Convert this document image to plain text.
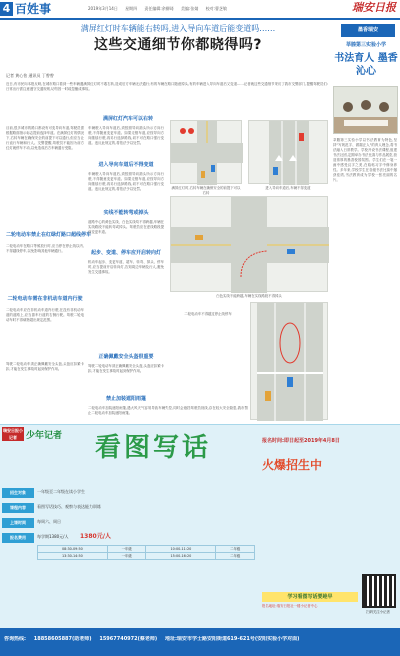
4 百姓事	2019年3月14日 星期四 责任编辑:余柳琦 美编:张婧 校对:曹芝敏	瑞安日报
满屏红灯时车辆能右转吗,进入导向车道后能变道吗……
这些交通细节你都晓得吗?
记者 黄心怡 通讯员 丁曾曾
近日,有市民向本报反映,在城市路口看到一些车辆遇满屏红灯时不敢右转,造成后方车辆无法通行;有的车辆在路口随意掉头,有的车辆进入导向车道后又变道……记者就这些交通细节采访了我市交警部门,提醒驾驶员们:日常出行需注意遵守交通规则,切勿因一时疏忽酿成事故。
满屏红灯汽车可以右转
目前,很多城市的路口都设有可变导向车道,驾驶员需根据路面指示标志提前选择车道。在满屏红灯的情况下,右转车辆在确保安全的前提下可以通行,但应当让行直行车辆和行人。交警提醒,驾驶员不能因为前方红灯就停车不动,以免造成后方车辆通行受阻。
二轮电动车禁止在红绿灯路口超线停车
二轮电动车在路口等候放行时,应当停在停止线以内,不得越线停车,以免影响其他车辆通行。
二轮电动车需在非机动车道内行驶
二轮电动车应在非机动车道内行驶,在没有非机动车道的道路上,应当靠车行道的右侧行驶。驾驶二轮电动车时不得载物超出规定范围。
驾驶二轮电动车须正确佩戴安全头盔,头盔应扣紧卡扣,才能在发生事故时起到保护作用。
车辆驶入导向车道后,须按照导向箭头所示方向行驶,不得随意变更车道。如果走错车道,应按导向方向继续行驶,再另行选择路线,切不可在路口强行变道。违反此规定的,将依法予以处罚。
进入导向车道后不得变道
车辆驶入导向车道后,须按照导向箭头所示方向行驶,不得随意变更车道。如果走错车道,应按导向方向继续行驶,再另行选择路线,切不可在路口强行变道。违反此规定的,将依法予以处罚。
实线不能转弯或掉头
道路中心的黄色实线、白色实线均不得跨越,车辆在实线路段不能转弯或掉头。驾驶员应在虚线路段提前变更车道。
起步、变道、停车应开启转向灯
机动车起步、变更车道、超车、转弯、掉头、停车时,应当提前开启转向灯,告知周边车辆及行人,避免发生交通事故。
正确佩戴安全头盔很重要
驾驶二轮电动车须正确佩戴安全头盔,头盔应扣紧卡扣,才能在发生事故时起到保护作用。
禁止加装遮阳雨篷
二轮电动车加装遮阳雨篷,遇大风天气容易导致车辆失控,同时会遮挡驾驶员视线,存在较大安全隐患,我市禁止二轮电动车加装遮阳雨篷。
满屏红灯时,右转车辆在确保安全的前提下可以右转
进入导向车道后,车辆不得变道
白色实线不能跨越,车辆在实线路段不得掉头
二轮电动车不得越过停止线停车
墨香瑞安
莘塍第三实验小学
书法育人 墨香沁心
莘塍第三实验小学以书法教育为特色,坚持"写规范字、做端正人"的育人理念,将书法融入日常教学。学校开设书法课程,组建书法社团,定期举办书法比赛与作品展览,营造浓厚的墨香校园氛围。学生们在一笔一画中感受汉字之美,在临帖习字中修身养性。多年来,学校学生在各级书法比赛中屡获佳绩,书法教育成为学校一张亮丽的名片。
瑞安日报小记者	少年记者 看图写话	报名时间:即日起至2019年4月8日
火爆招生中
招生对象	一年级至二年级在读小学生
课程内容	看图写话技巧、观察与表达能力训练
上课时间	每周六、周日
报名费用	每学期1380元/人	1380元/人
08:30-09:50	一年级	10:00-11:20	二年级
13:30-14:50	一年级	15:00-16:20	二年级
学习看图写话要趁早
报名地址:瑞安日报社一楼小记者中心
扫码关注小记者
咨询热线: 18858605887(助老师) 15967740972(蔡老师) 地址:瑞安市学士路安阳街道619-621号(安阳实验小学对面)
